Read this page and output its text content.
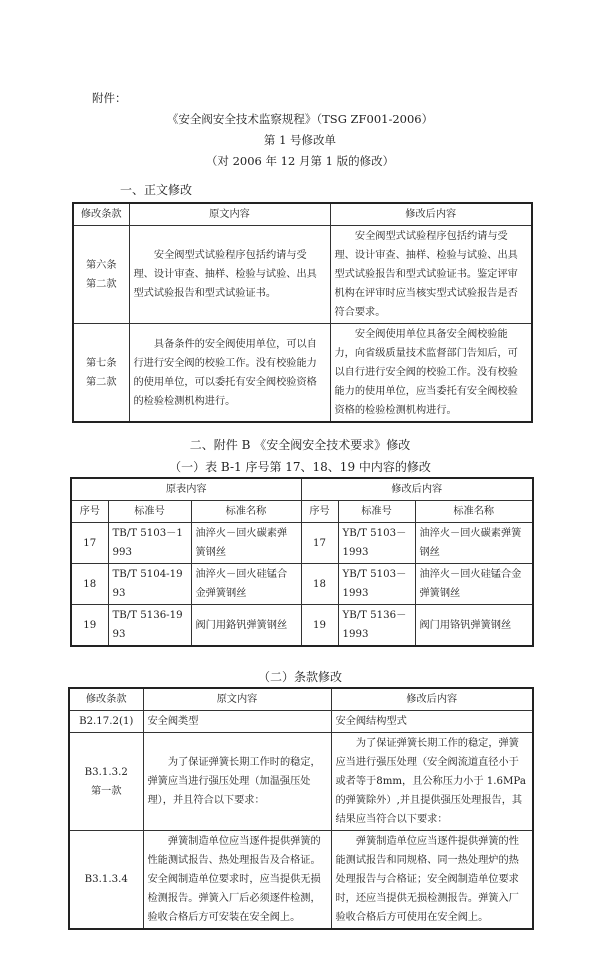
附件：
《安全阀安全技术监察规程》（TSG ZF001-2006）
第 1 号修改单
（对 2006 年 12 月第 1 版的修改）
一、正文修改
修改条款	原文内容	修改后内容

第六条
第二款	安全阀型式试验程序包括约请与受理、设计审查、抽样、检验与试验、出具型式试验报告和型式试验证书。	安全阀型式试验程序包括约请与受理、设计审查、抽样、检验与试验、出具型式试验报告和型式试验证书。鉴定评审机构在评审时应当核实型式试验报告是否符合要求。

第七条
第二款	具备条件的安全阀使用单位，可以自行进行安全阀的校验工作。没有校验能力的使用单位，可以委托有安全阀校验资格的检验检测机构进行。	安全阀使用单位具备安全阀校验能力，向省级质量技术监督部门告知后，可以自行进行安全阀的校验工作。没有校验能力的使用单位，应当委托有安全阀校验资格的检验检测机构进行。
二、附件 B 《安全阀安全技术要求》修改
（一）表 B-1 序号第 17、18、19 中内容的修改
原表内容			修改后内容		
序号	标准号	标准名称	序号	标准号	标准名称
17	TB/T 5103－1993	油淬火－回火碳素弹簧钢丝	17	YB/T 5103－1993	油淬火－回火碳素弹簧钢丝
18	TB/T 5104-1993	油淬火－回火硅锰合金弹簧钢丝	18	YB/T 5103－1993	油淬火－回火硅锰合金弹簧钢丝
19	TB/T 5136-1993	阀门用鉻钒弹簧钢丝	19	YB/T 5136－1993	阀门用铬钒弹簧钢丝
（二）条款修改
修改条款	原文内容	修改后内容
B2.17.2(1)	安全阀类型	安全阀结构型式

B3.1.3.2
第一款	为了保证弹簧长期工作时的稳定，弹簧应当进行强压处理（加温强压处理），并且符合以下要求：	为了保证弹簧长期工作的稳定，弹簧应当进行强压处理（安全阀流道直径小于或者等于8mm，且公称压力小于 1.6MPa 的弹簧除外）,并且提供强压处理报告，其结果应当符合以下要求：
B3.1.3.4	弹簧制造单位应当逐件提供弹簧的性能测试报告、热处理报告及合格证。安全阀制造单位要求时，应当提供无损检测报告。弹簧入厂后必须逐件检测，验收合格后方可安装在安全阀上。	弹簧制造单位应当逐件提供弹簧的性能测试报告和同规格、同一热处理炉的热处理报告与合格证；安全阀制造单位要求时，还应当提供无损检测报告。弹簧入厂验收合格后方可使用在安全阀上。
